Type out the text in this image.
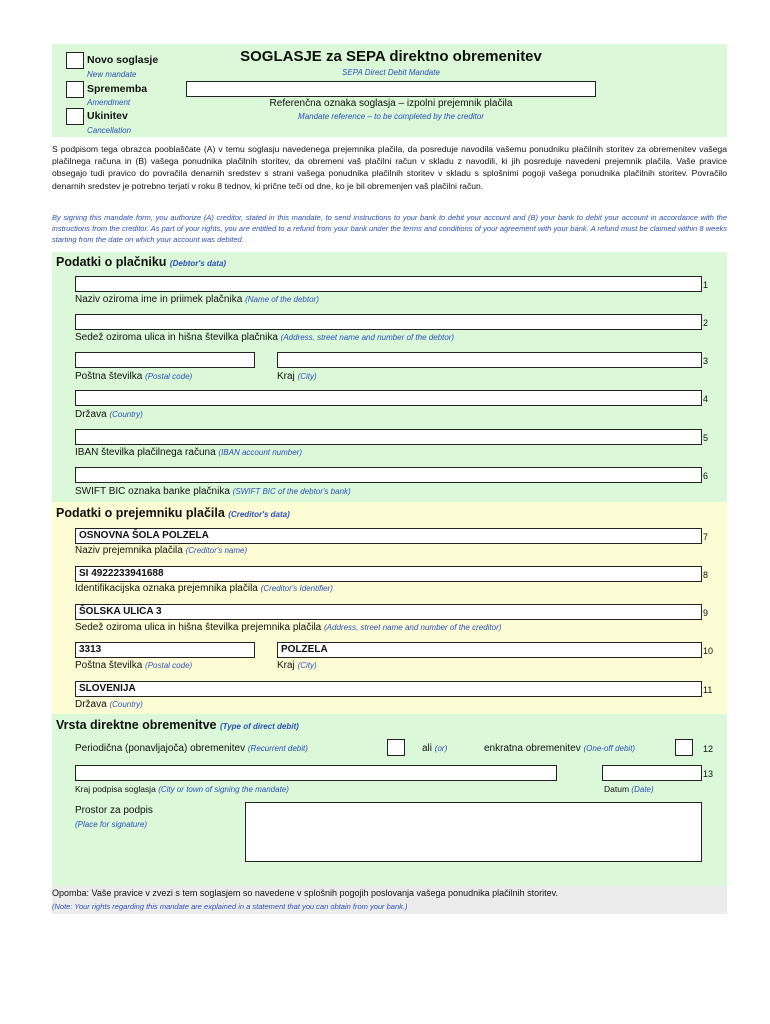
Novo soglasje
New mandate
Sprememba
Amendment
Ukinitev
Cancellation
SOGLASJE za SEPA direktno obremenitev
SEPA Direct Debit Mandate
Referenčna oznaka soglasja – izpolni prejemnik plačila
Mandate reference – to be completed by the creditor
S podpisom tega obrazca pooblaščate (A) v temu soglasju navedenega prejemnika plačila, da posreduje navodila vašemu ponudniku plačilnih storitev za obremenitev vašega plačilnega računa in (B) vašega ponudnika plačilnih storitev, da obremeni vaš plačilni račun v skladu z navodili, ki jih posreduje navedeni prejemnik plačila. Vaše pravice obsegajo tudi pravico do povračila denarnih sredstev s strani vašega ponudnika plačilnih storitev v skladu s splošnimi pogoji vašega ponudnika plačilnih storitev. Povračilo denarnih sredstev je potrebno terjati v roku 8 tednov, ki prične teči od dne, ko je bil obremenjen vaš plačilni račun.
By signing this mandate form, you authorize (A) creditor, stated in this mandate, to send instructions to your bank to debit your account and (B) your bank to debit your account in accordance with the instructions from the creditor. As part of your rights, you are entitled to a refund from your bank under the terms and conditions of your agreement with your bank. A refund must be claimed within 8 weeks starting from the date on which your account was debited.
Podatki o plačniku (Debtor's data)
1
Naziv oziroma ime in priimek plačnika (Name of the debtor)
2
Sedež oziroma ulica in hišna številka plačnika (Address, street name and number of the debtor)
3
Poštna številka (Postal code)	Kraj (City)
4
Država (Country)
5
IBAN številka plačilnega računa (IBAN account number)
6
SWIFT BIC oznaka banke plačnika (SWIFT BIC of the debtor's bank)
Podatki o prejemniku plačila (Creditor's data)
OSNOVNA ŠOLA POLZELA	7
Naziv prejemnika plačila (Creditor's name)
SI 4922233941688	8
Identifikacijska oznaka prejemnika plačila (Creditor's Identifier)
ŠOLSKA ULICA 3	9
Sedež oziroma ulica in hišna številka prejemnika plačila (Address, street name and number of the creditor)
3313	POLZELA	10
Poštna številka (Postal code)	Kraj (City)
SLOVENIJA	11
Država (Country)
Vrsta direktne obremenitve (Type of direct debit)
Periodična (ponavljajoča) obremenitev (Recurrent debit)	ali (or)	enkratna obremenitev (One-off debit)	12
13
Kraj podpisa soglasja (City or town of signing the mandate)	Datum (Date)
Prostor za podpis
(Place for signature)
Opomba: Vaše pravice v zvezi s tem soglasjem so navedene v splošnih pogojih poslovanja vašega ponudnika plačilnih storitev.
(Note: Your rights regarding this mandate are explained in a statement that you can obtain from your bank.)
